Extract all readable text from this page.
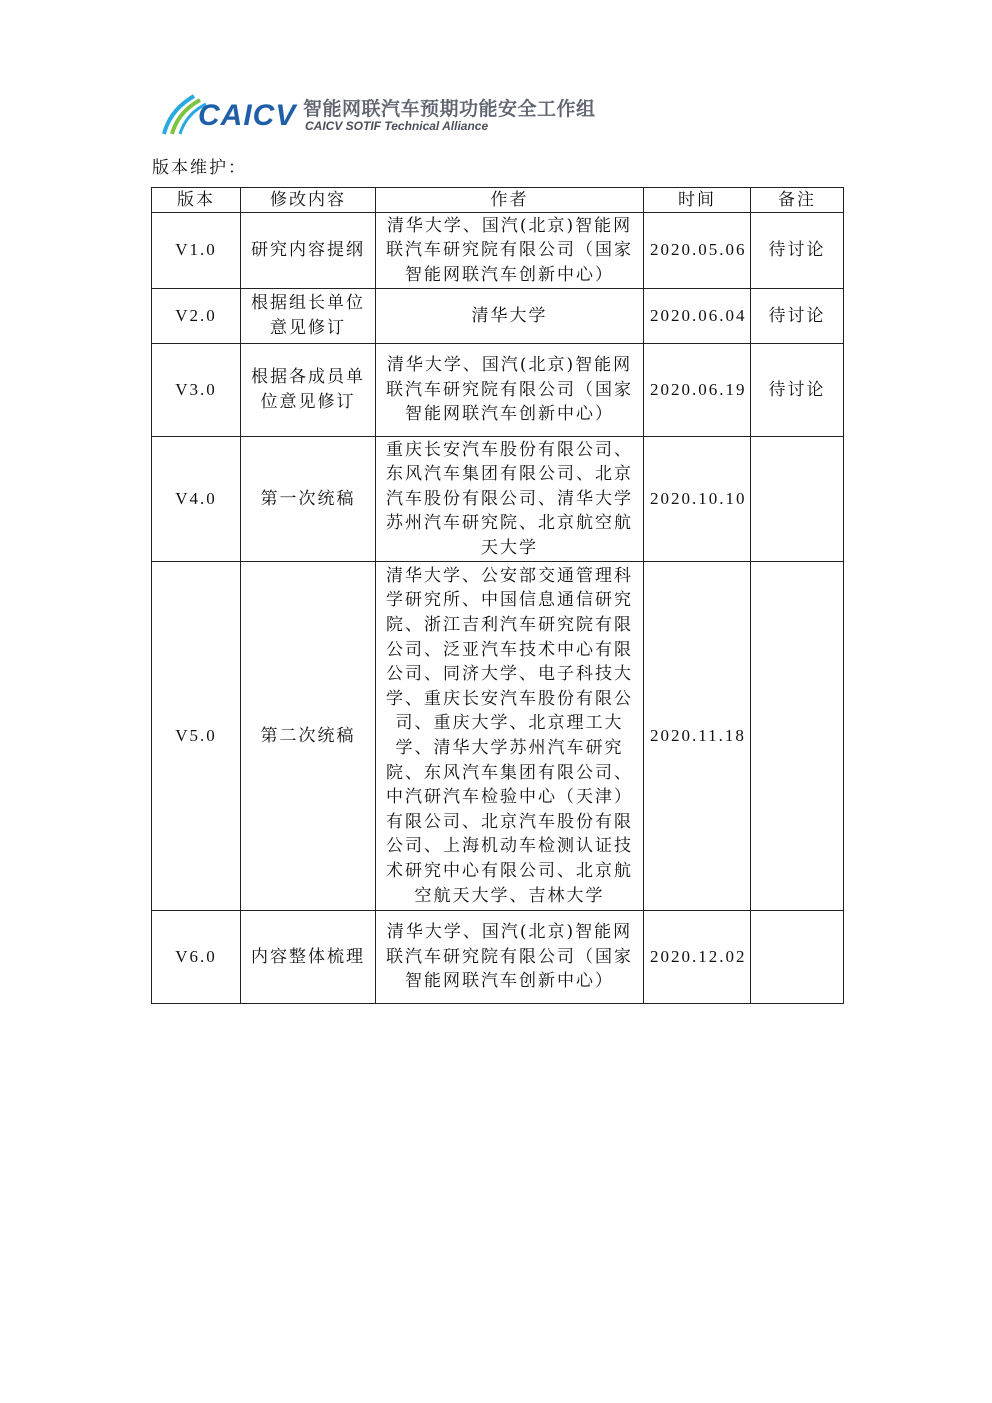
CAICV 智能网联汽车预期功能安全工作组
CAICV SOTIF Technical Alliance
版本维护：
版本	修改内容	作者	时间	备注
V1.0	研究内容提纲	清华大学、国汽(北京)智能网联汽车研究院有限公司（国家智能网联汽车创新中心）	2020.05.06	待讨论
V2.0	根据组长单位意见修订	清华大学	2020.06.04	待讨论
V3.0	根据各成员单位意见修订	清华大学、国汽(北京)智能网联汽车研究院有限公司（国家智能网联汽车创新中心）	2020.06.19	待讨论
V4.0	第一次统稿	重庆长安汽车股份有限公司、东风汽车集团有限公司、北京汽车股份有限公司、清华大学苏州汽车研究院、北京航空航天大学	2020.10.10	
V5.0	第二次统稿	清华大学、公安部交通管理科学研究所、中国信息通信研究院、浙江吉利汽车研究院有限公司、泛亚汽车技术中心有限公司、同济大学、电子科技大学、重庆长安汽车股份有限公司、重庆大学、北京理工大学、清华大学苏州汽车研究院、东风汽车集团有限公司、中汽研汽车检验中心（天津）有限公司、北京汽车股份有限公司、上海机动车检测认证技术研究中心有限公司、北京航空航天大学、吉林大学	2020.11.18	
V6.0	内容整体梳理	清华大学、国汽(北京)智能网联汽车研究院有限公司（国家智能网联汽车创新中心）	2020.12.02	
